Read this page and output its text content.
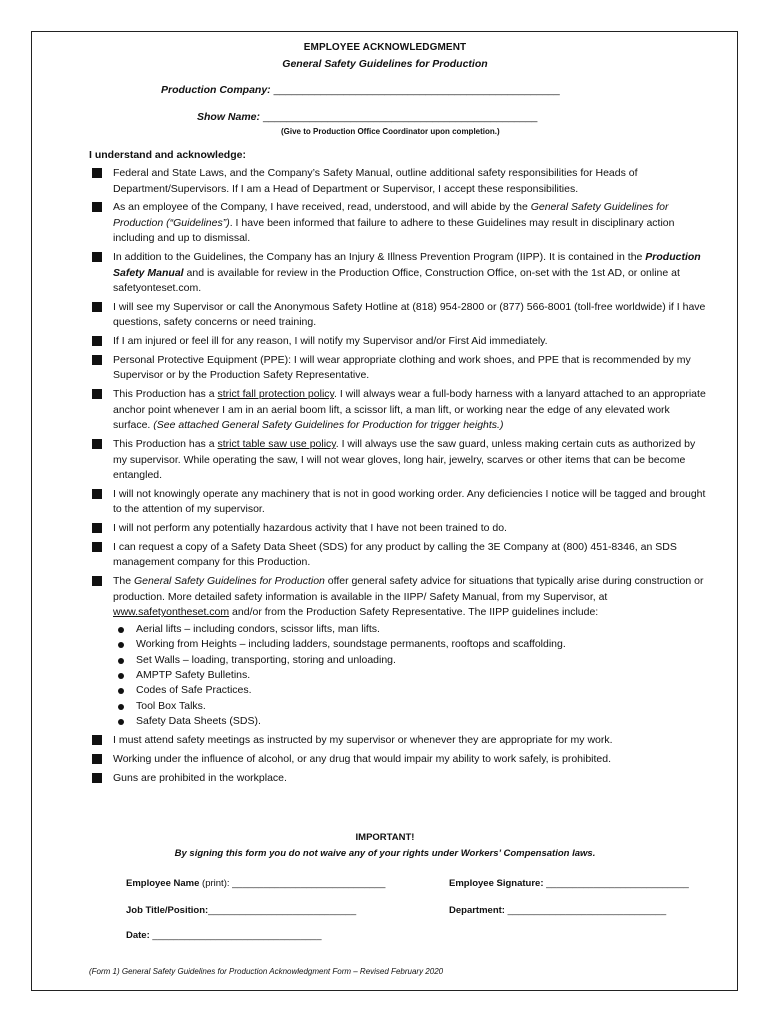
EMPLOYEE ACKNOWLEDGMENT
General Safety Guidelines for Production
Production Company: _________________________________________________
Show Name: _______________________________________________
(Give to Production Office Coordinator upon completion.)
I understand and acknowledge:
Federal and State Laws, and the Company’s Safety Manual, outline additional safety responsibilities for Heads of Department/Supervisors. If I am a Head of Department or Supervisor, I accept these responsibilities.
As an employee of the Company, I have received, read, understood, and will abide by the General Safety Guidelines for Production (“Guidelines”). I have been informed that failure to adhere to these Guidelines may result in disciplinary action including and up to dismissal.
In addition to the Guidelines, the Company has an Injury & Illness Prevention Program (IIPP). It is contained in the Production Safety Manual and is available for review in the Production Office, Construction Office, on-set with the 1st AD, or online at safetyonteset.com.
I will see my Supervisor or call the Anonymous Safety Hotline at (818) 954-2800 or (877) 566-8001 (toll-free worldwide) if I have questions, safety concerns or need training.
If I am injured or feel ill for any reason, I will notify my Supervisor and/or First Aid immediately.
Personal Protective Equipment (PPE): I will wear appropriate clothing and work shoes, and PPE that is recommended by my Supervisor or by the Production Safety Representative.
This Production has a strict fall protection policy. I will always wear a full-body harness with a lanyard attached to an appropriate anchor point whenever I am in an aerial boom lift, a scissor lift, a man lift, or working near the edge of any elevated work surface. (See attached General Safety Guidelines for Production for trigger heights.)
This Production has a strict table saw use policy. I will always use the saw guard, unless making certain cuts as authorized by my supervisor. While operating the saw, I will not wear gloves, long hair, jewelry, scarves or other items that can be become entangled.
I will not knowingly operate any machinery that is not in good working order. Any deficiencies I notice will be tagged and brought to the attention of my supervisor.
I will not perform any potentially hazardous activity that I have not been trained to do.
I can request a copy of a Safety Data Sheet (SDS) for any product by calling the 3E Company at (800) 451-8346, an SDS management company for this Production.
The General Safety Guidelines for Production offer general safety advice for situations that typically arise during construction or production. More detailed safety information is available in the IIPP/ Safety Manual, from my Supervisor, at www.safetyontheset.com and/or from the Production Safety Representative. The IIPP guidelines include:
Aerial lifts – including condors, scissor lifts, man lifts.
Working from Heights – including ladders, soundstage permanents, rooftops and scaffolding.
Set Walls – loading, transporting, storing and unloading.
AMPTP Safety Bulletins.
Codes of Safe Practices.
Tool Box Talks.
Safety Data Sheets (SDS).
I must attend safety meetings as instructed by my supervisor or whenever they are appropriate for my work.
Working under the influence of alcohol, or any drug that would impair my ability to work safely, is prohibited.
Guns are prohibited in the workplace.
IMPORTANT!
By signing this form you do not waive any of your rights under Workers’ Compensation laws.
Employee Name (print): _____________________________	Employee Signature: ___________________________
Job Title/Position:____________________________	Department: ______________________________
Date: ________________________________
(Form 1) General Safety Guidelines for Production Acknowledgment Form – Revised February 2020
